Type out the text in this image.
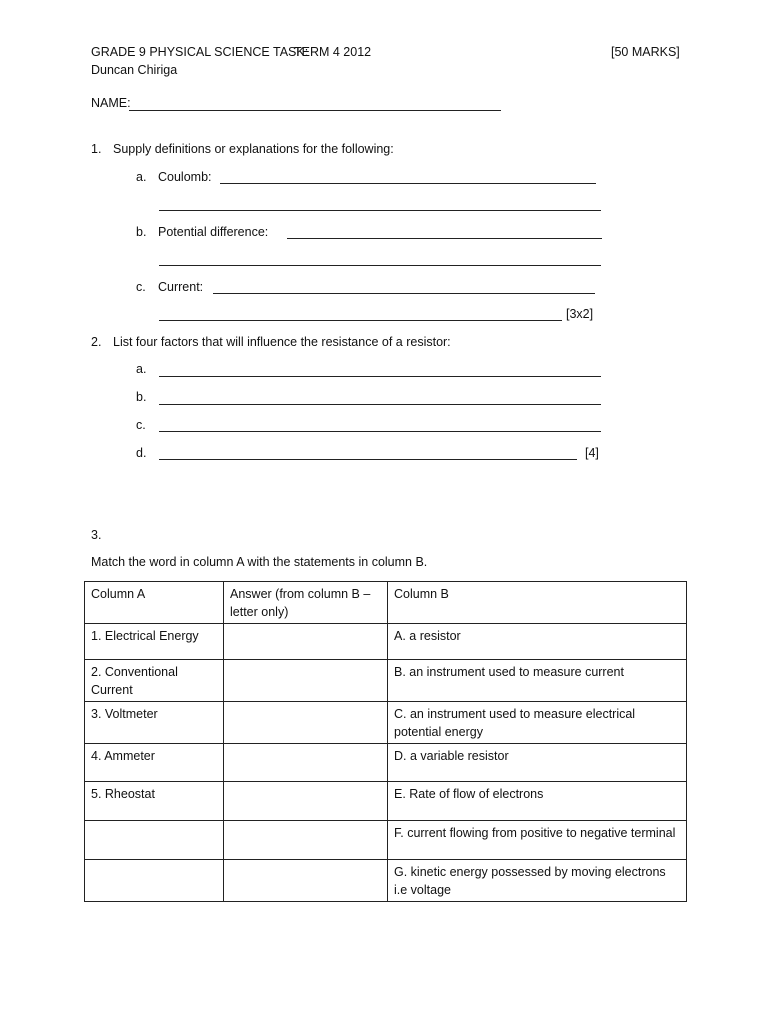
GRADE 9 PHYSICAL SCIENCE TASK:
TERM 4 2012	[50 MARKS]
Duncan Chiriga
NAME:
1. Supply definitions or explanations for the following:
a. Coulomb:
b. Potential difference:
c. Current:
[3x2]
2. List four factors that will influence the resistance of a resistor:
a.
b.
c.
d.	[4]
3.
Match the word in column A with the statements in column B.
Column A	Answer (from column B – letter only)	Column B
1. Electrical Energy		A. a resistor
2. Conventional Current		B. an instrument used to measure current
3. Voltmeter		C. an instrument used to measure electrical potential energy
4. Ammeter		D. a variable resistor
5. Rheostat		E. Rate of flow of electrons
		F. current flowing from positive to negative terminal
		G. kinetic energy possessed by moving electrons i.e voltage
